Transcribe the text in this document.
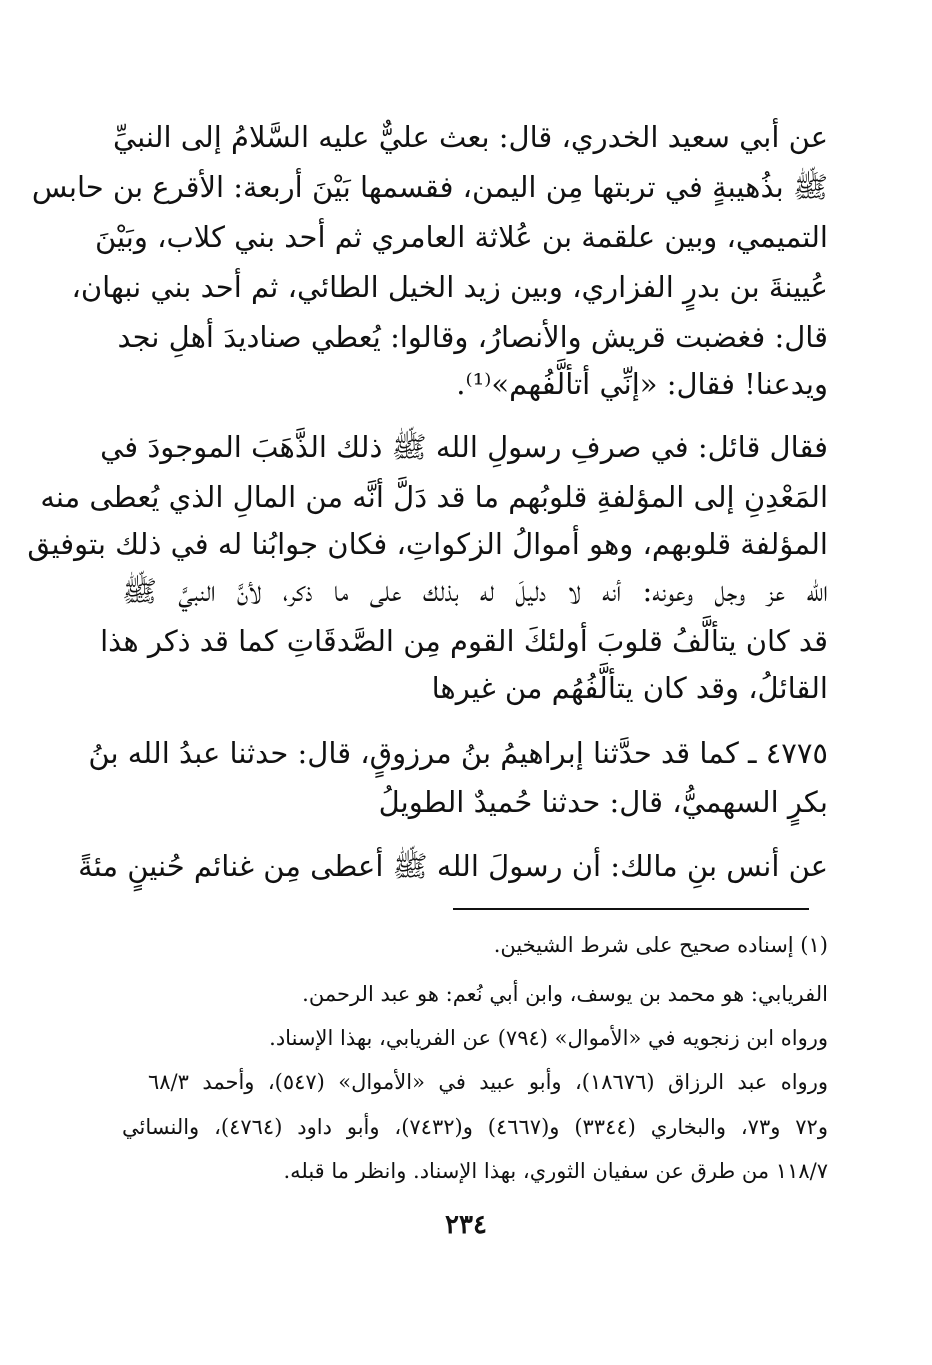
عن أبي سعيد الخدري، قال: بعث عليٌّ عليه السَّلامُ إلى النبيِّ
ﷺ بذُهيبةٍ في تربتها مِن اليمن، فقسمها بَيْنَ أربعة: الأقرع بن حابس
التميمي، وبين علقمة بن عُلاثة العامري ثم أحد بني كلاب، وبَيْنَ
عُيينةَ بن بدرٍ الفزاري، وبين زيد الخيل الطائي، ثم أحد بني نبهان،
قال: فغضبت قريش والأنصارُ، وقالوا: يُعطي صناديدَ أهلِ نجد
ويدعنا! فقال: «إنِّي أتألَّفُهم»⁽¹⁾.
فقال قائل: في صرفِ رسولِ الله ﷺ ذلك الذَّهَبَ الموجودَ في
المَعْدِنِ إلى المؤلفةِ قلوبُهم ما قد دَلَّ أنَّه من المالِ الذي يُعطى منه
المؤلفة قلوبهم، وهو أموالُ الزكواتِ، فكان جوابُنا له في ذلك بتوفيق
الله عز وجل وعونه: أنه لا دليلَ له بذلك على ما ذكر، لأنَّ النبيَّ ﷺ
قد كان يتألَّفُ قلوبَ أولئكَ القوم مِن الصَّدقَاتِ كما قد ذكر هذا
القائلُ، وقد كان يتألَّفُهُم من غيرها
٤٧٧٥ ـ كما قد حدَّثنا إبراهيمُ بنُ مرزوقٍ، قال: حدثنا عبدُ الله بنُ
بكرٍ السهميُّ، قال: حدثنا حُميدٌ الطويلُ
عن أنس بنِ مالك: أن رسولَ الله ﷺ أعطى مِن غنائم حُنينٍ مئةً
(١) إسناده صحيح على شرط الشيخين.
الفريابي: هو محمد بن يوسف، وابن أبي نُعم: هو عبد الرحمن.
ورواه ابن زنجويه في «الأموال» (٧٩٤) عن الفريابي، بهذا الإسناد.
ورواه عبد الرزاق (١٨٦٧٦)، وأبو عبيد في «الأموال» (٥٤٧)، وأحمد ٦٨/٣
و٧٢ و٧٣، والبخاري (٣٣٤٤) و(٤٦٦٧) و(٧٤٣٢)، وأبو داود (٤٧٦٤)، والنسائي
١١٨/٧ من طرق عن سفيان الثوري، بهذا الإسناد. وانظر ما قبله.
٢٣٤
